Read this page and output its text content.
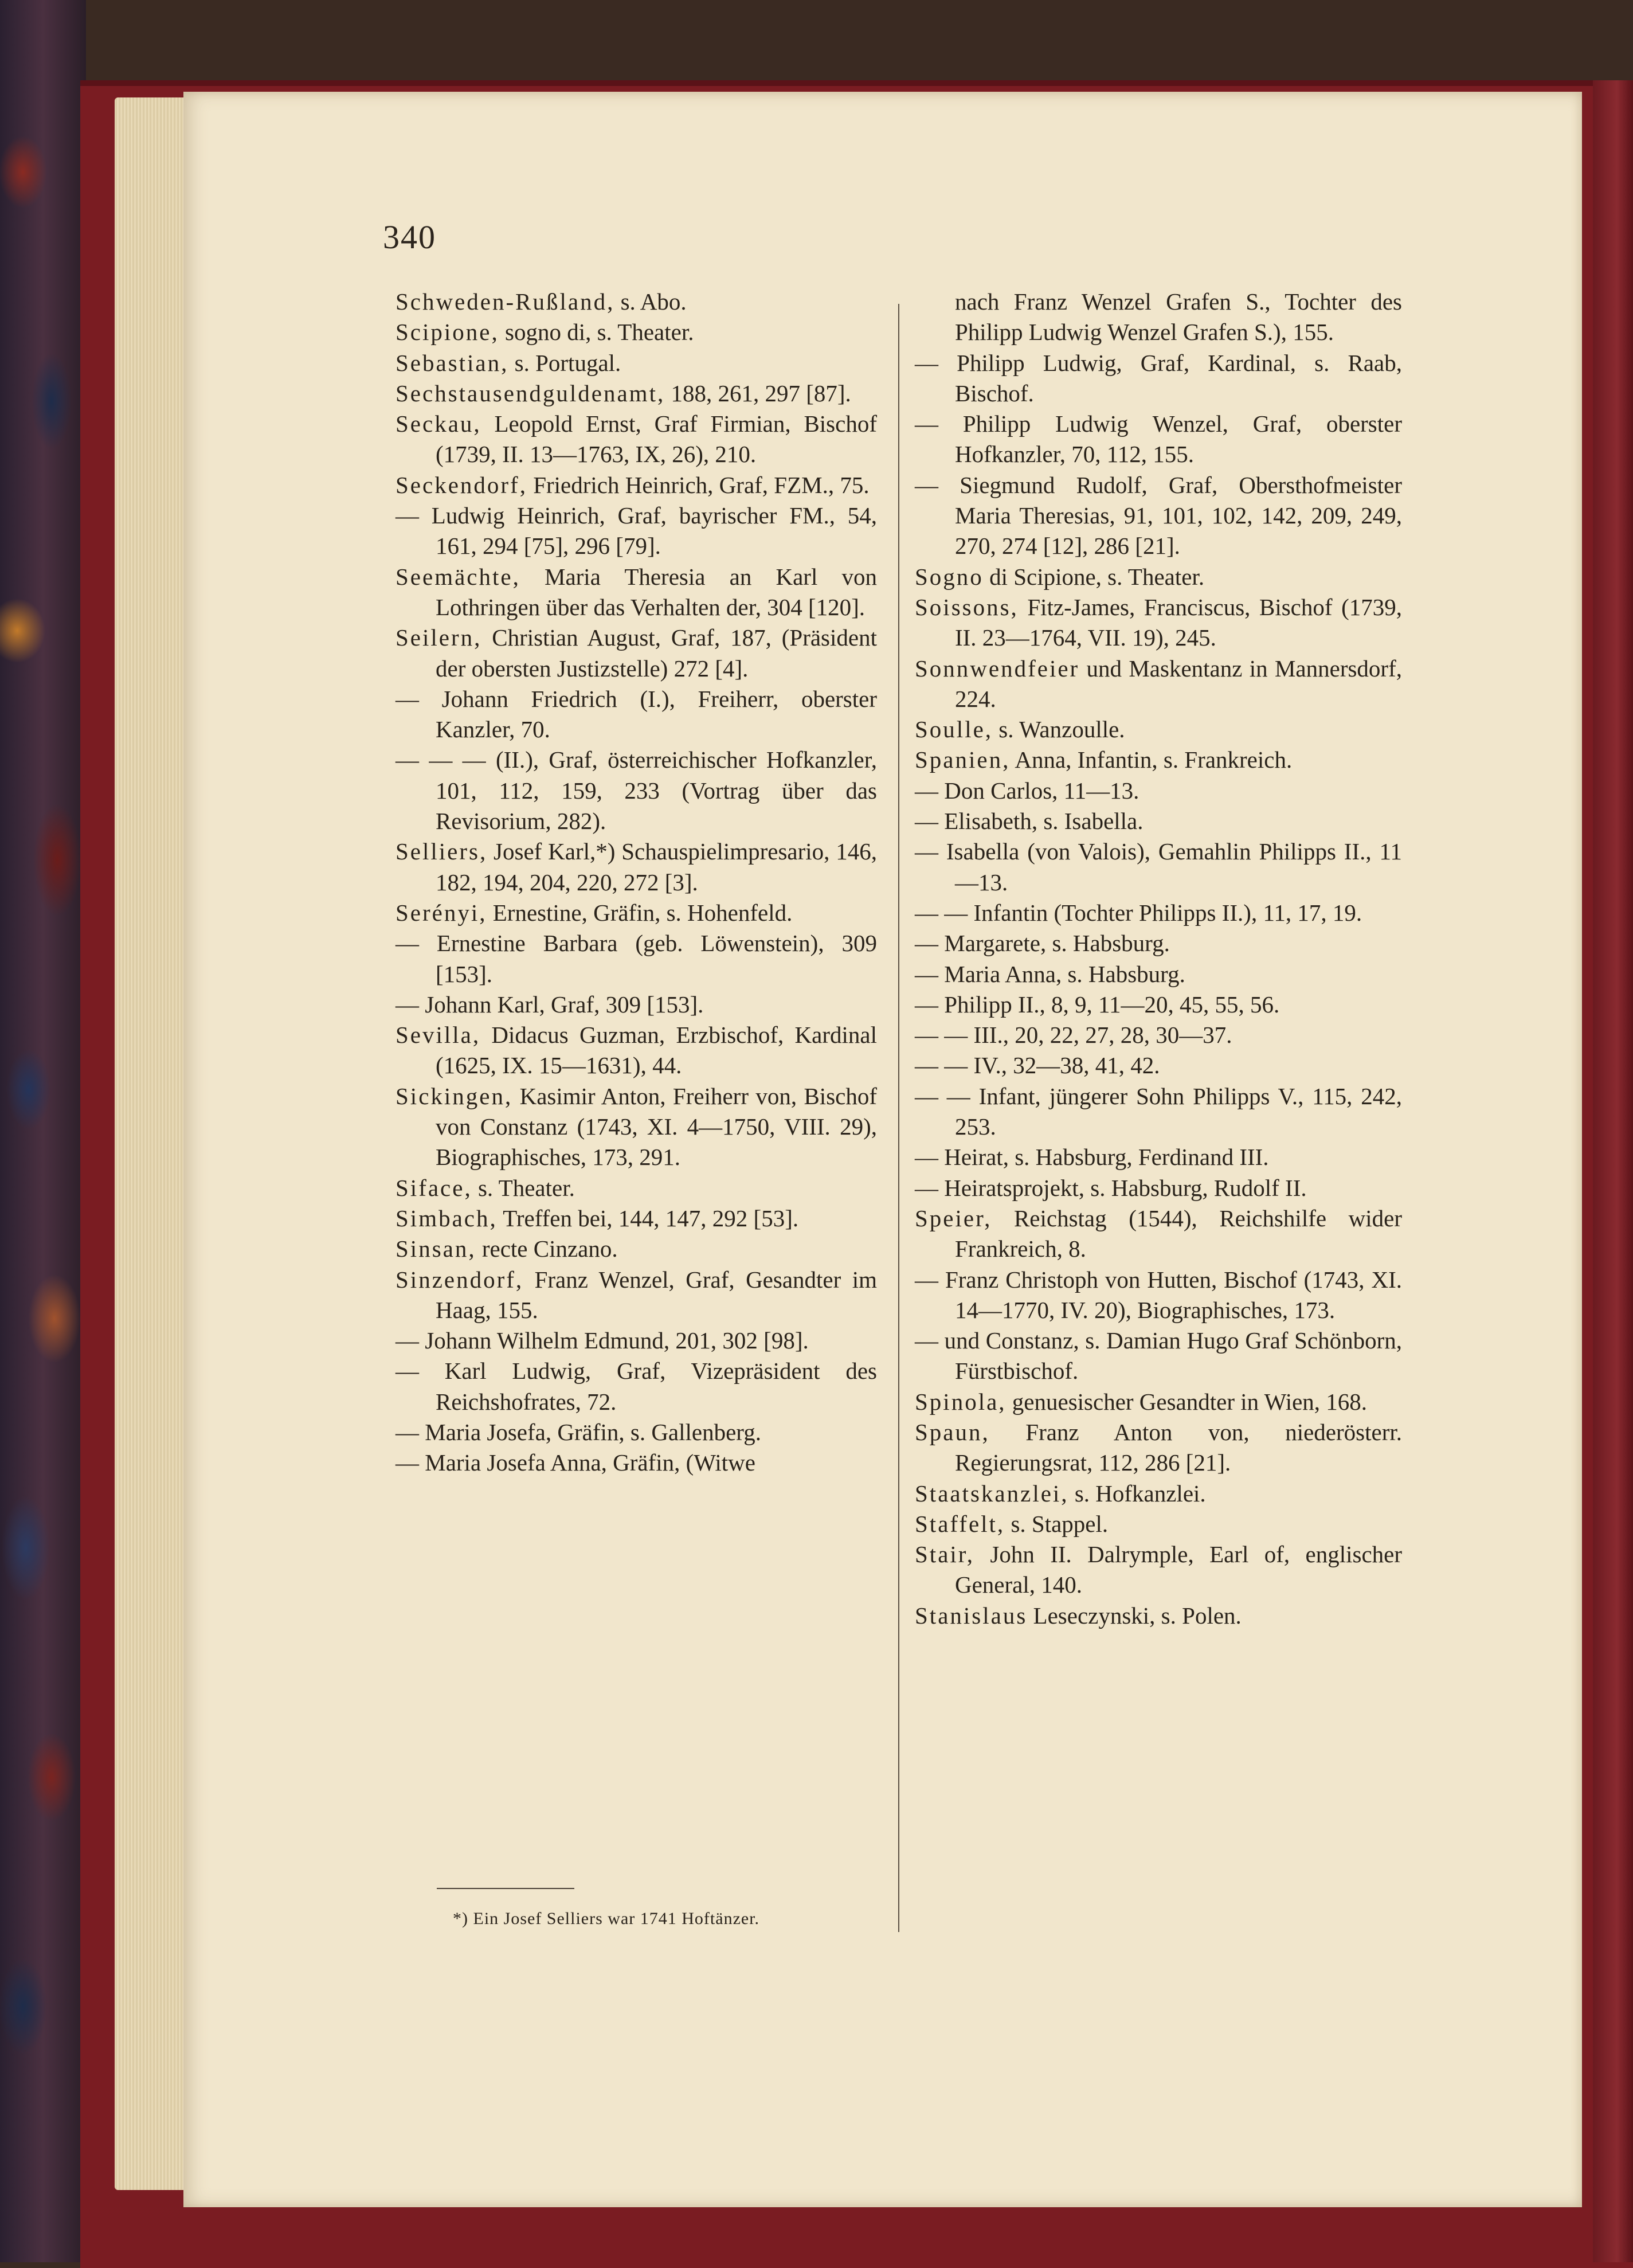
340
Schweden-Rußland, s. Abo.
Scipione, sogno di, s. Theater.
Sebastian, s. Portugal.
Sechstausendguldenamt, 188, 261, 297 [87].
Seckau, Leopold Ernst, Graf Firmian, Bischof (1739, II. 13—1763, IX, 26), 210.
Seckendorf, Friedrich Heinrich, Graf, FZM., 75.
— Ludwig Heinrich, Graf, bayrischer FM., 54, 161, 294 [75], 296 [79].
Seemächte, Maria Theresia an Karl von Lothringen über das Verhalten der, 304 [120].
Seilern, Christian August, Graf, 187, (Präsident der obersten Justizstelle) 272 [4].
— Johann Friedrich (I.), Freiherr, oberster Kanzler, 70.
— — — (II.), Graf, österreichischer Hofkanzler, 101, 112, 159, 233 (Vortrag über das Revisorium, 282).
Selliers, Josef Karl,*) Schauspielimpresario, 146, 182, 194, 204, 220, 272 [3].
Serényi, Ernestine, Gräfin, s. Hohenfeld.
— Ernestine Barbara (geb. Löwenstein), 309 [153].
— Johann Karl, Graf, 309 [153].
Sevilla, Didacus Guzman, Erzbischof, Kardinal (1625, IX. 15—1631), 44.
Sickingen, Kasimir Anton, Freiherr von, Bischof von Constanz (1743, XI. 4—1750, VIII. 29), Biographisches, 173, 291.
Siface, s. Theater.
Simbach, Treffen bei, 144, 147, 292 [53].
Sinsan, recte Cinzano.
Sinzendorf, Franz Wenzel, Graf, Gesandter im Haag, 155.
— Johann Wilhelm Edmund, 201, 302 [98].
— Karl Ludwig, Graf, Vizepräsident des Reichshofrates, 72.
— Maria Josefa, Gräfin, s. Gallenberg.
— Maria Josefa Anna, Gräfin, (Witwe
nach Franz Wenzel Grafen S., Tochter des Philipp Ludwig Wenzel Grafen S.), 155.
— Philipp Ludwig, Graf, Kardinal, s. Raab, Bischof.
— Philipp Ludwig Wenzel, Graf, oberster Hofkanzler, 70, 112, 155.
— Siegmund Rudolf, Graf, Obersthofmeister Maria Theresias, 91, 101, 102, 142, 209, 249, 270, 274 [12], 286 [21].
Sogno di Scipione, s. Theater.
Soissons, Fitz-James, Franciscus, Bischof (1739, II. 23—1764, VII. 19), 245.
Sonnwendfeier und Maskentanz in Mannersdorf, 224.
Soulle, s. Wanzoulle.
Spanien, Anna, Infantin, s. Frankreich.
— Don Carlos, 11—13.
— Elisabeth, s. Isabella.
— Isabella (von Valois), Gemahlin Philipps II., 11—13.
— — Infantin (Tochter Philipps II.), 11, 17, 19.
— Margarete, s. Habsburg.
— Maria Anna, s. Habsburg.
— Philipp II., 8, 9, 11—20, 45, 55, 56.
— — III., 20, 22, 27, 28, 30—37.
— — IV., 32—38, 41, 42.
— — Infant, jüngerer Sohn Philipps V., 115, 242, 253.
— Heirat, s. Habsburg, Ferdinand III.
— Heiratsprojekt, s. Habsburg, Rudolf II.
Speier, Reichstag (1544), Reichshilfe wider Frankreich, 8.
— Franz Christoph von Hutten, Bischof (1743, XI. 14—1770, IV. 20), Biographisches, 173.
— und Constanz, s. Damian Hugo Graf Schönborn, Fürstbischof.
Spinola, genuesischer Gesandter in Wien, 168.
Spaun, Franz Anton von, niederösterr. Regierungsrat, 112, 286 [21].
Staatskanzlei, s. Hofkanzlei.
Staffelt, s. Stappel.
Stair, John II. Dalrymple, Earl of, englischer General, 140.
Stanislaus Leseczynski, s. Polen.
*) Ein Josef Selliers war 1741 Hoftänzer.
